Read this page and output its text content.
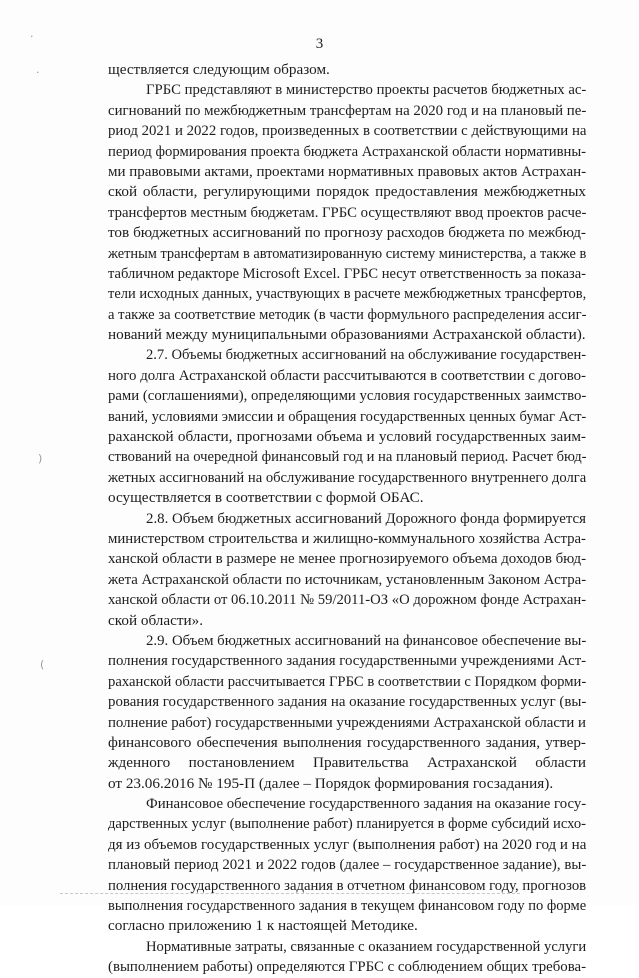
3
·
·
)
(
ществляется следующим образом.
ГРБС представляют в министерство проекты расчетов бюджетных ас-
сигнований по межбюджетным трансфертам на 2020 год и на плановый пе-
риод 2021 и 2022 годов, произведенных в соответствии с действующими на
период формирования проекта бюджета Астраханской области нормативны-
ми правовыми актами, проектами нормативных правовых актов Астрахан-
ской области, регулирующими порядок предоставления межбюджетных
трансфертов местным бюджетам. ГРБС осуществляют ввод проектов расче-
тов бюджетных ассигнований по прогнозу расходов бюджета по межбюд-
жетным трансфертам в автоматизированную систему министерства, а также в
табличном редакторе Microsoft Excel. ГРБС несут ответственность за показа-
тели исходных данных, участвующих в расчете межбюджетных трансфертов,
а также за соответствие методик (в части формульного распределения ассиг-
нований между муниципальными образованиями Астраханской области).
2.7. Объемы бюджетных ассигнований на обслуживание государствен-
ного долга Астраханской области рассчитываются в соответствии с догово-
рами (соглашениями), определяющими условия государственных заимство-
ваний, условиями эмиссии и обращения государственных ценных бумаг Аст-
раханской области, прогнозами объема и условий государственных заим-
ствований на очередной финансовый год и на плановый период. Расчет бюд-
жетных ассигнований на обслуживание государственного внутреннего долга
осуществляется в соответствии с формой ОБАС.
2.8. Объем бюджетных ассигнований Дорожного фонда формируется
министерством строительства и жилищно-коммунального хозяйства Астра-
ханской области в размере не менее прогнозируемого объема доходов бюд-
жета Астраханской области по источникам, установленным Законом Астра-
ханской области от 06.10.2011 № 59/2011-ОЗ «О дорожном фонде Астрахан-
ской области».
2.9. Объем бюджетных ассигнований на финансовое обеспечение вы-
полнения государственного задания государственными учреждениями Аст-
раханской области рассчитывается ГРБС в соответствии с Порядком форми-
рования государственного задания на оказание государственных услуг (вы-
полнение работ) государственными учреждениями Астраханской области и
финансового обеспечения выполнения государственного задания, утвер-
жденного постановлением Правительства Астраханской области
от 23.06.2016 № 195-П (далее – Порядок формирования госзадания).
Финансовое обеспечение государственного задания на оказание госу-
дарственных услуг (выполнение работ) планируется в форме субсидий исхо-
дя из объемов государственных услуг (выполнения работ) на 2020 год и на
плановый период 2021 и 2022 годов (далее – государственное задание), вы-
полнения государственного задания в отчетном финансовом году, прогнозов
выполнения государственного задания в текущем финансовом году по форме
согласно приложению 1 к настоящей Методике.
Нормативные затраты, связанные с оказанием государственной услуги
(выполнением работы) определяются ГРБС с соблюдением общих требова-
